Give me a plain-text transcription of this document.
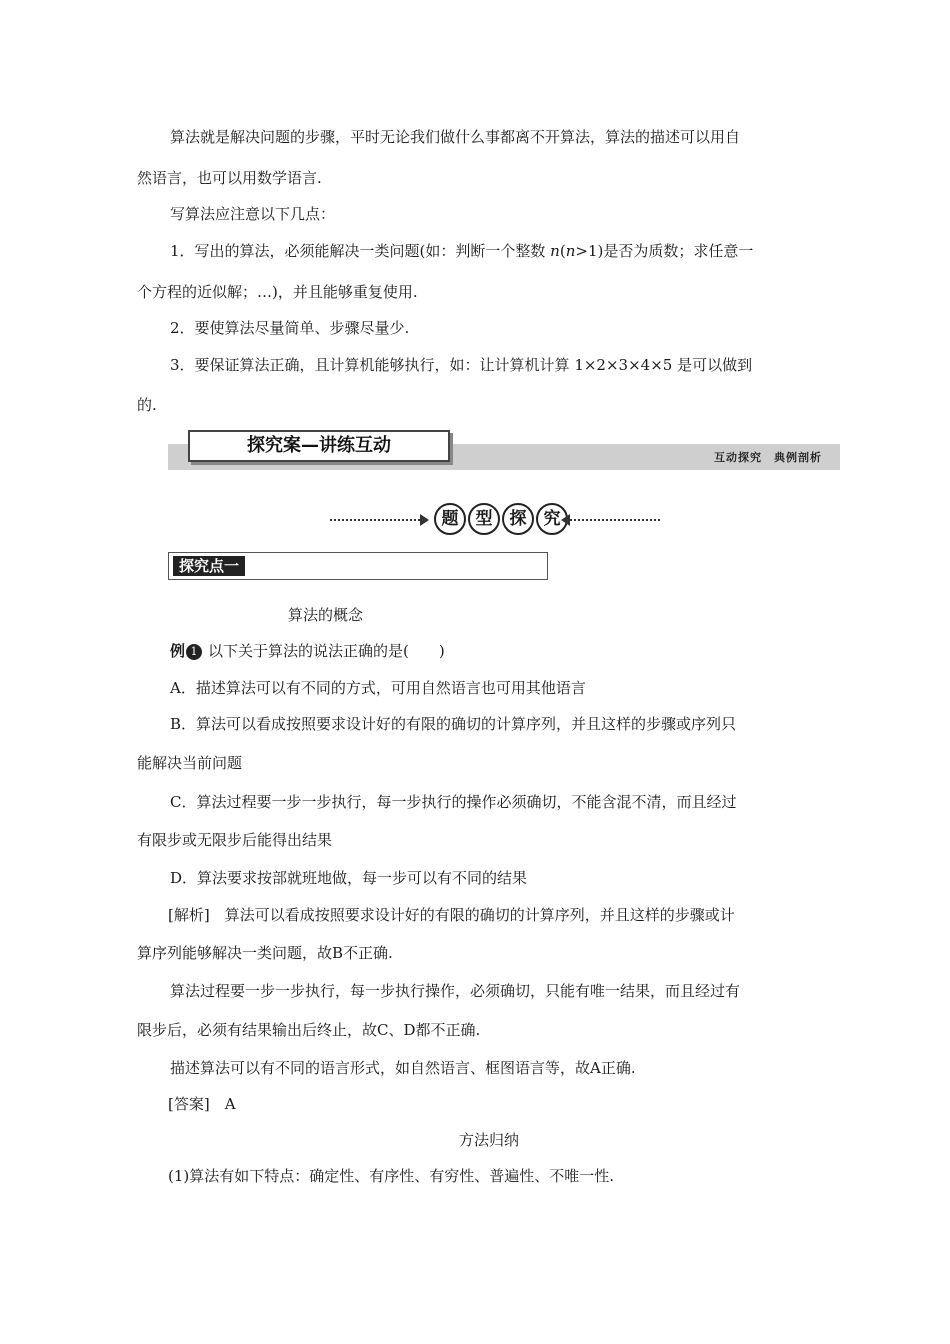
算法就是解决问题的步骤，平时无论我们做什么事都离不开算法，算法的描述可以用自
然语言，也可以用数学语言.
写算法应注意以下几点：
1．写出的算法，必须能解决一类问题(如：判断一个整数 n(n>1)是否为质数；求任意一
个方程的近似解；…)，并且能够重复使用.
2．要使算法尽量简单、步骤尽量少.
3．要保证算法正确，且计算机能够执行，如：让计算机计算 1×2×3×4×5 是可以做到
的.
探究案—讲练互动
互动探究　典例剖析
题	型	探	究
探究点一
算法的概念
例 1 以下关于算法的说法正确的是(　　)
A．描述算法可以有不同的方式，可用自然语言也可用其他语言
B．算法可以看成按照要求设计好的有限的确切的计算序列，并且这样的步骤或序列只
能解决当前问题
C．算法过程要一步一步执行，每一步执行的操作必须确切，不能含混不清，而且经过
有限步或无限步后能得出结果
D．算法要求按部就班地做，每一步可以有不同的结果
[解析]　算法可以看成按照要求设计好的有限的确切的计算序列，并且这样的步骤或计
算序列能够解决一类问题，故B不正确.
算法过程要一步一步执行，每一步执行操作，必须确切，只能有唯一结果，而且经过有
限步后，必须有结果输出后终止，故C、D都不正确.
描述算法可以有不同的语言形式，如自然语言、框图语言等，故A正确.
[答案]　A
方法归纳
(1)算法有如下特点：确定性、有序性、有穷性、普遍性、不唯一性.
